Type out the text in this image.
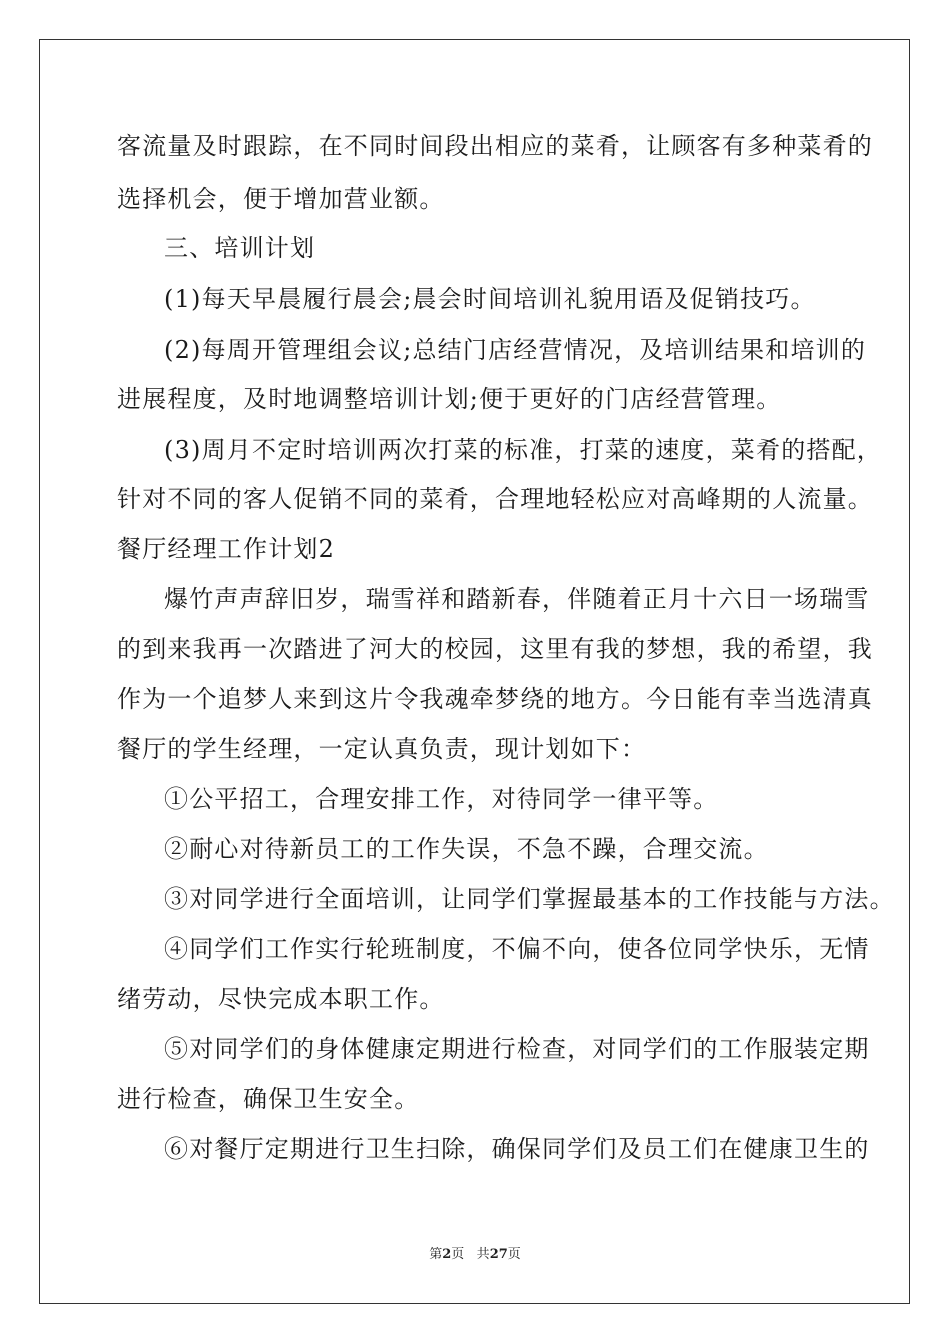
客流量及时跟踪，在不同时间段出相应的菜肴，让顾客有多种菜肴的
选择机会，便于增加营业额。
三、培训计划
(1)每天早晨履行晨会;晨会时间培训礼貌用语及促销技巧。
(2)每周开管理组会议;总结门店经营情况，及培训结果和培训的
进展程度，及时地调整培训计划;便于更好的门店经营管理。
(3)周月不定时培训两次打菜的标准，打菜的速度，菜肴的搭配，
针对不同的客人促销不同的菜肴，合理地轻松应对高峰期的人流量。
餐厅经理工作计划2
爆竹声声辞旧岁，瑞雪祥和踏新春，伴随着正月十六日一场瑞雪
的到来我再一次踏进了河大的校园，这里有我的梦想，我的希望，我
作为一个追梦人来到这片令我魂牵梦绕的地方。今日能有幸当选清真
餐厅的学生经理，一定认真负责，现计划如下：
①公平招工，合理安排工作，对待同学一律平等。
②耐心对待新员工的工作失误，不急不躁，合理交流。
③对同学进行全面培训，让同学们掌握最基本的工作技能与方法。
④同学们工作实行轮班制度，不偏不向，使各位同学快乐，无情
绪劳动，尽快完成本职工作。
⑤对同学们的身体健康定期进行检查，对同学们的工作服装定期
进行检查，确保卫生安全。
⑥对餐厅定期进行卫生扫除，确保同学们及员工们在健康卫生的
第2页 共27页
